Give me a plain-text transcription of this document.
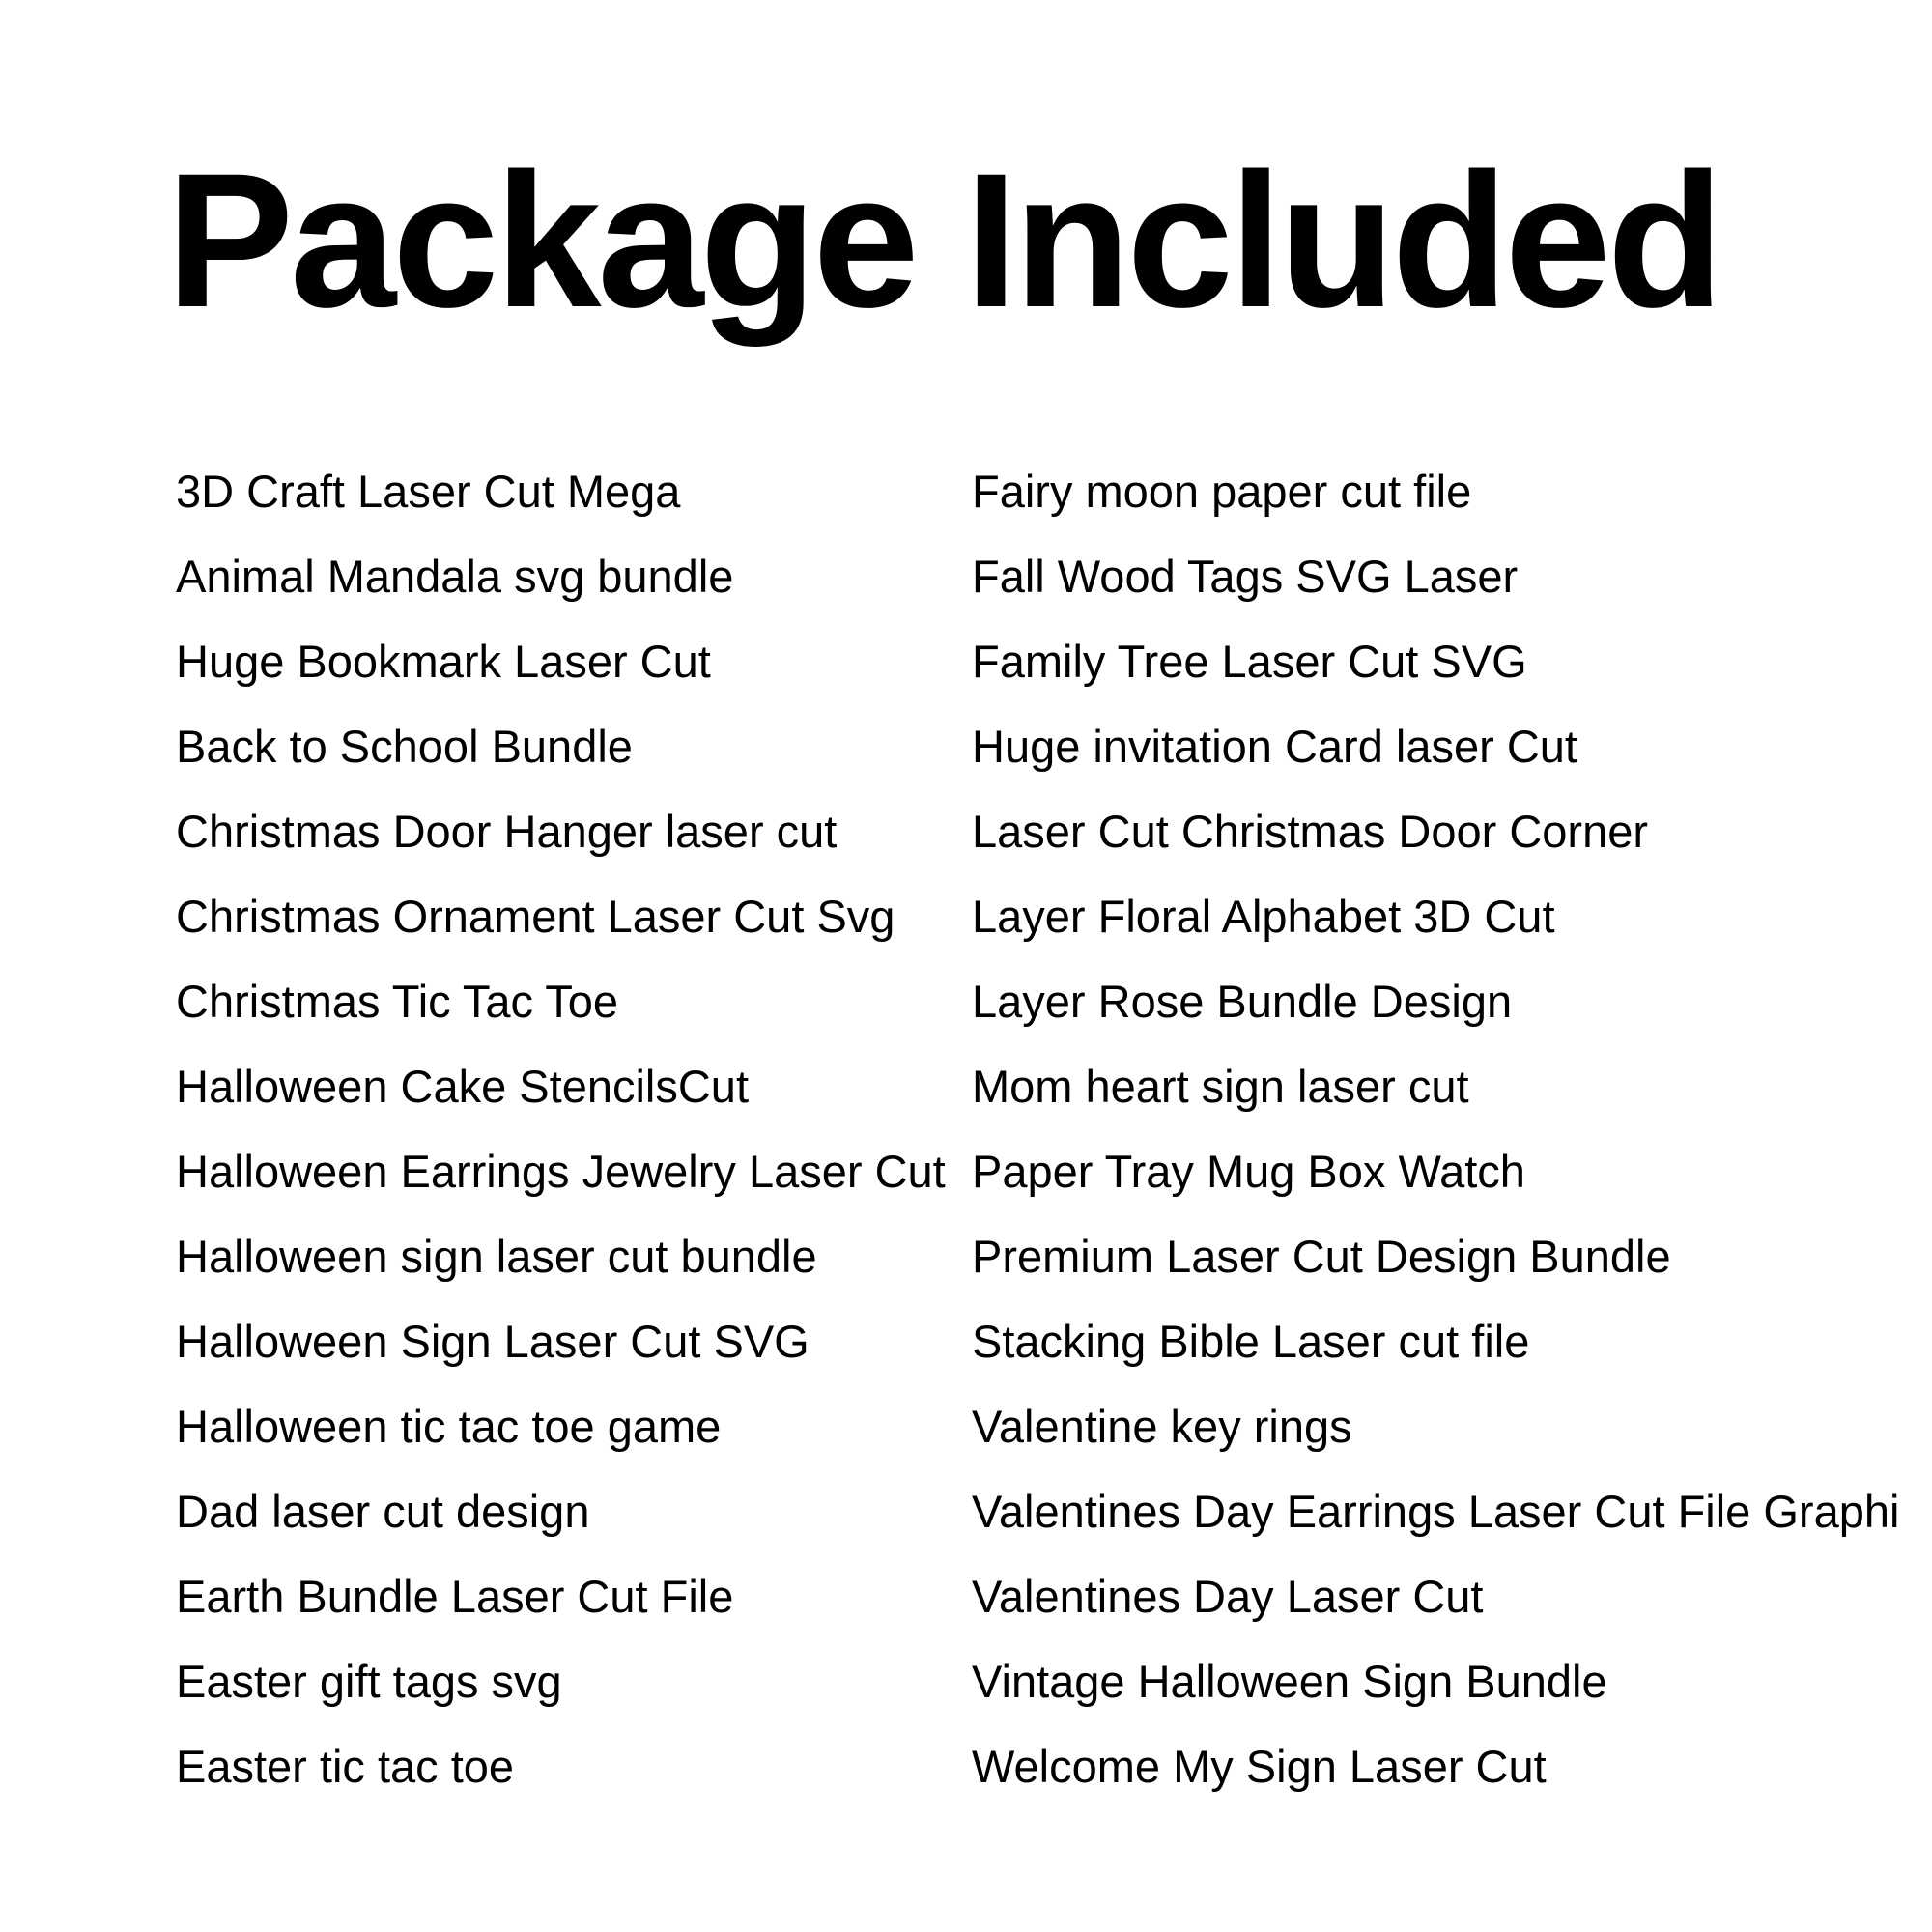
Package Included
3D Craft Laser Cut Mega
Animal Mandala svg bundle
Huge Bookmark Laser Cut
Back to School Bundle
Christmas Door Hanger laser cut
Christmas Ornament Laser Cut Svg
Christmas Tic Tac Toe
Halloween Cake StencilsCut
Halloween Earrings Jewelry Laser Cut
Halloween sign laser cut bundle
Halloween Sign Laser Cut SVG
Halloween tic tac toe game
Dad laser cut design
Earth Bundle Laser Cut File
Easter gift tags svg
Easter tic tac toe
Fairy moon paper cut file
Fall Wood Tags SVG Laser
Family Tree Laser Cut SVG
Huge invitation Card laser Cut
Laser Cut Christmas Door Corner
Layer Floral Alphabet 3D Cut
Layer Rose Bundle Design
Mom heart sign laser cut
Paper Tray Mug Box Watch
Premium Laser Cut Design Bundle
Stacking Bible Laser cut file
Valentine key rings
Valentines Day Earrings Laser Cut File Graphi
Valentines Day Laser Cut
Vintage Halloween Sign Bundle
Welcome My Sign Laser Cut
